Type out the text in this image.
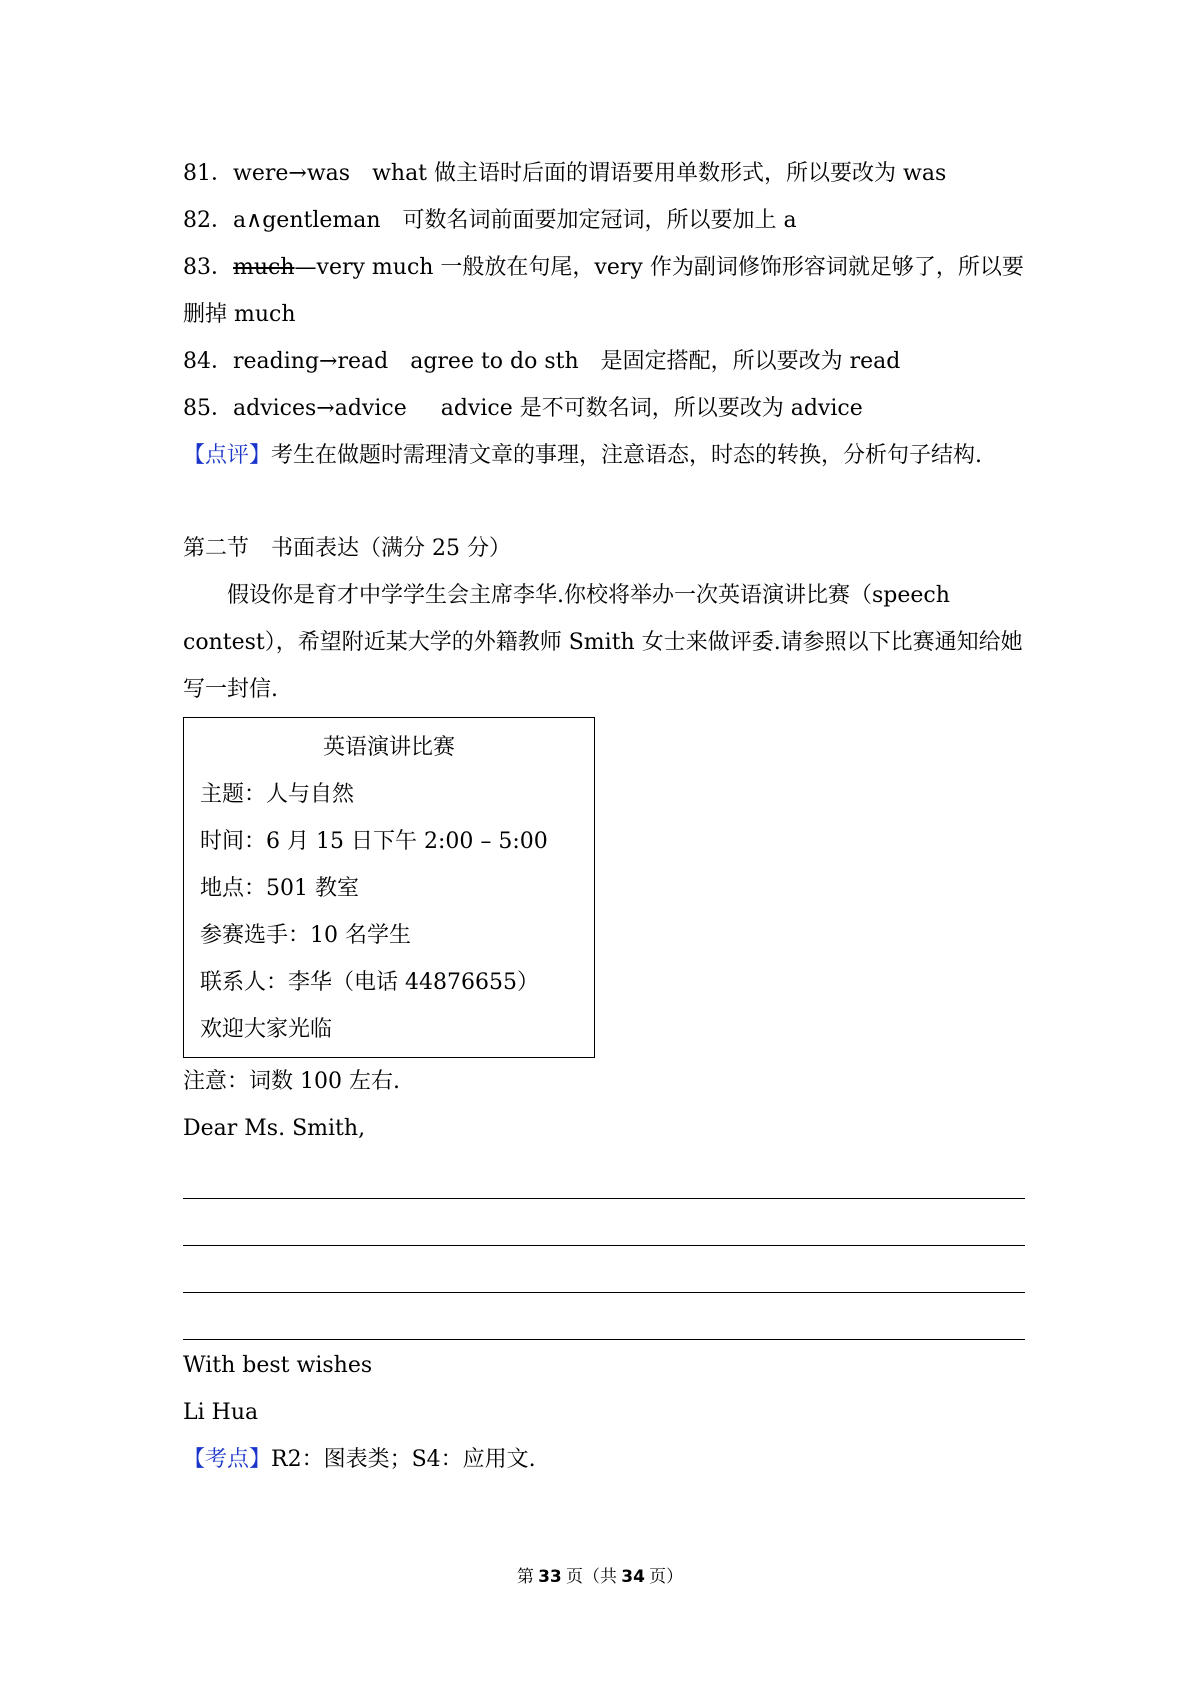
81．were→was what 做主语时后面的谓语要用单数形式，所以要改为 was
82．a∧gentleman 可数名词前面要加定冠词，所以要加上 a
83．much—very much 一般放在句尾，very 作为副词修饰形容词就足够了，所以要删掉 much
84．reading→read agree to do sth　是固定搭配，所以要改为 read
85．advices→advice advice 是不可数名词，所以要改为 advice
【点评】考生在做题时需理清文章的事理，注意语态，时态的转换，分析句子结构.
第二节　书面表达（满分 25 分）
假设你是育才中学学生会主席李华.你校将举办一次英语演讲比赛（speech contest），希望附近某大学的外籍教师 Smith 女士来做评委.请参照以下比赛通知给她写一封信.
英语演讲比赛
主题：人与自然
时间：6 月 15 日下午 2:00 – 5:00
地点：501 教室
参赛选手：10 名学生
联系人：李华（电话 44876655）
欢迎大家光临
注意：词数 100 左右.
Dear Ms. Smith,
With best wishes
Li Hua
【考点】R2：图表类；S4：应用文.
第 33 页（共 34 页）
